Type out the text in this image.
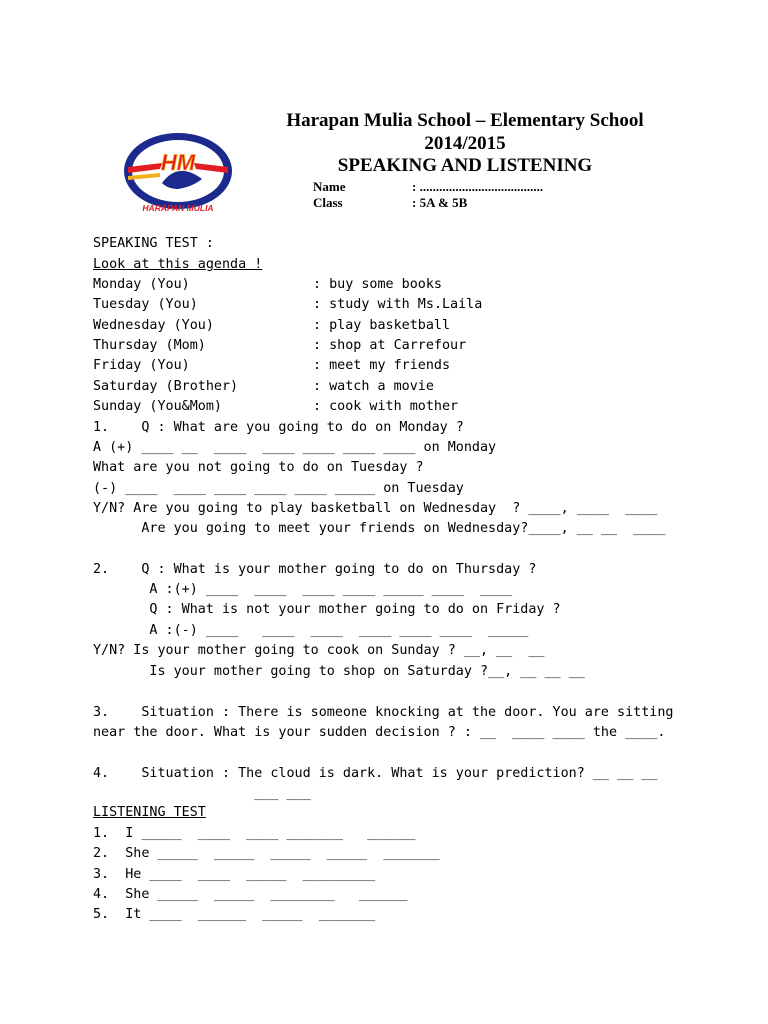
HM
HARAPAN MULIA
Harapan Mulia School – Elementary School
2014/2015
SPEAKING AND LISTENING
Name	: ......................................
Class	: 5A & 5B
SPEAKING TEST :
Look at this agenda !
Monday (You)	: buy some books
Tuesday (You)	: study with Ms.Laila
Wednesday (You)	: play basketball
Thursday (Mom)	: shop at Carrefour
Friday (You)	: meet my friends
Saturday (Brother)	: watch a movie
Sunday (You&Mom)	: cook with mother
1.    Q : What are you going to do on Monday ?
A (+) ____ __  ____  ____ ____ ____ ____ on Monday
What are you not going to do on Tuesday ?
(-) ____  ____ ____ ____ ____ _____ on Tuesday
Y/N? Are you going to play basketball on Wednesday  ? ____, ____  ____
Are you going to meet your friends on Wednesday?____, __ __  ____
2.    Q : What is your mother going to do on Thursday ?
A :(+) ____  ____  ____ ____ _____ ____  ____
Q : What is not your mother going to do on Friday ?
A :(-) ____   ____  ____  ____ ____ ____  _____
Y/N? Is your mother going to cook on Sunday ? __, __  __
Is your mother going to shop on Saturday ?__, __ __ __
3.    Situation : There is someone knocking at the door. You are sitting
near the door. What is your sudden decision ? : __  ____ ____ the ____.
4.    Situation : The cloud is dark. What is your prediction? __ __ __
___ ___
LISTENING TEST
1.  I _____  ____  ____ _______   ______
2.  She _____  _____  _____  _____  _______
3.  He ____  ____  _____  _________
4.  She _____  _____  ________   ______
5.  It ____  ______  _____  _______
